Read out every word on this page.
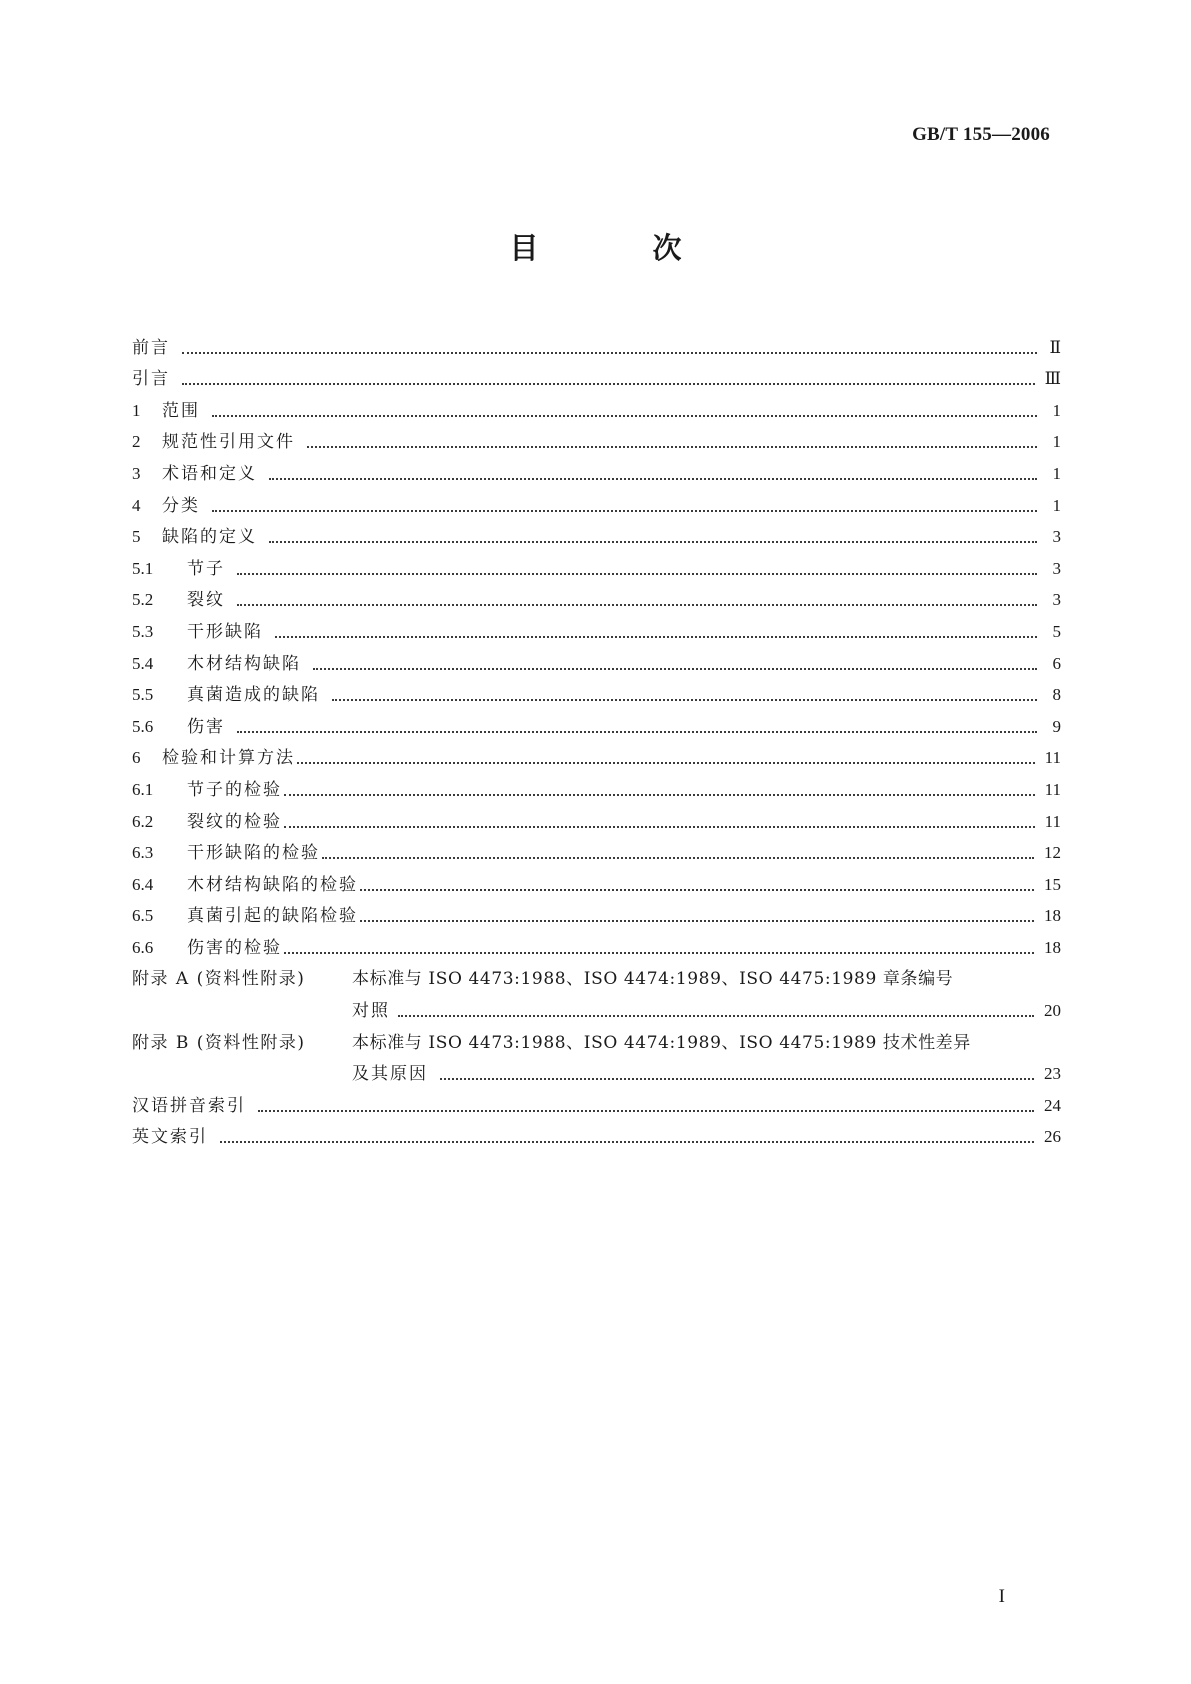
GB/T 155—2006
目 次
前言	Ⅱ
引言	Ⅲ
1 范围	1
2 规范性引用文件	1
3 术语和定义	1
4 分类	1
5 缺陷的定义	3
5.1 节子	3
5.2 裂纹	3
5.3 干形缺陷	5
5.4 木材结构缺陷	6
5.5 真菌造成的缺陷	8
5.6 伤害	9
6 检验和计算方法	11
6.1 节子的检验	11
6.2 裂纹的检验	11
6.3 干形缺陷的检验	12
6.4 木材结构缺陷的检验	15
6.5 真菌引起的缺陷检验	18
6.6 伤害的检验	18
附录 A (资料性附录)	本标准与 ISO 4473:1988、ISO 4474:1989、ISO 4475:1989 章条编号
对照	20
附录 B (资料性附录)	本标准与 ISO 4473:1988、ISO 4474:1989、ISO 4475:1989 技术性差异
及其原因	23
汉语拼音索引	24
英文索引	26
I
